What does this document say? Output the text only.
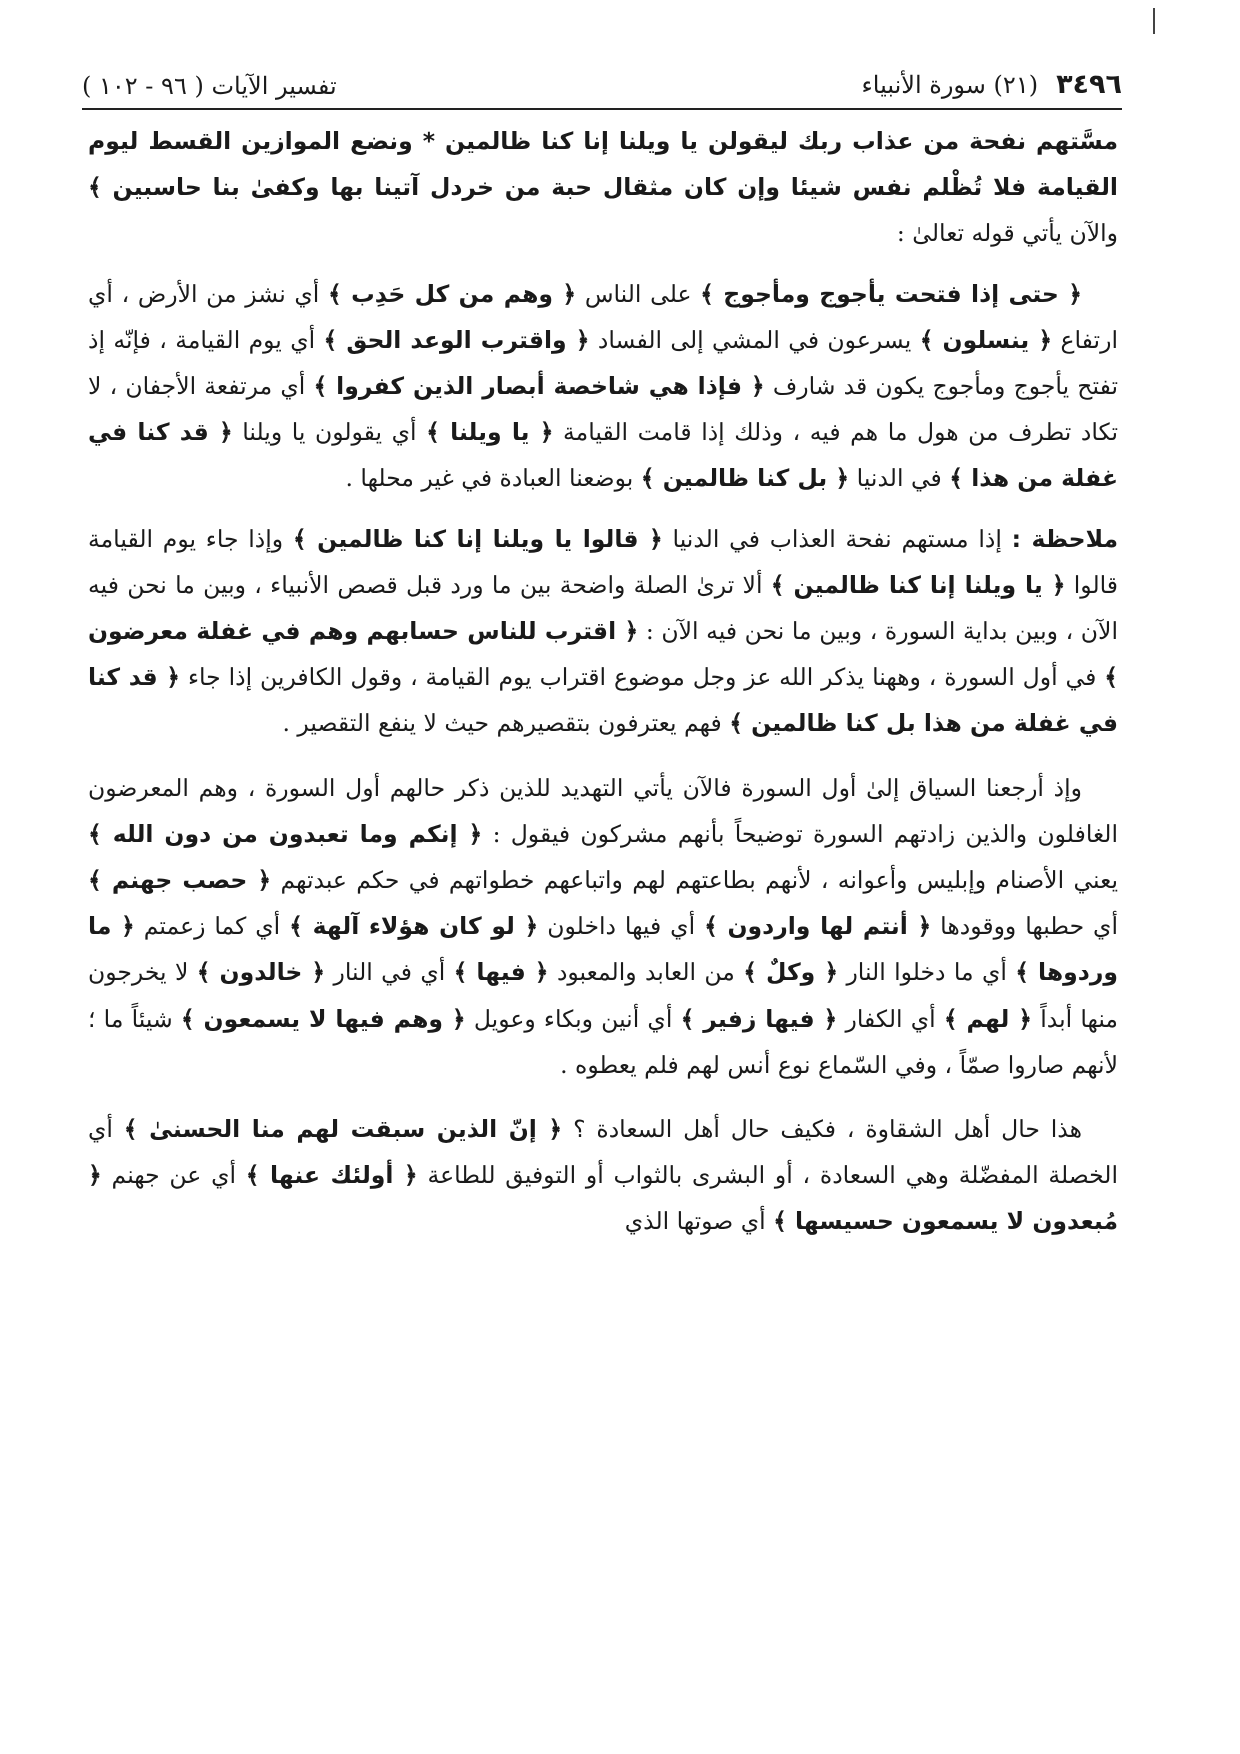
٣٤٩٦
(٢١) سورة الأنبياء
تفسير الآيات ( ٩٦ - ١٠٢ )

مسَّتهم نفحة من عذاب ربك ليقولن يا ويلنا إنا كنا ظالمين * ونضع الموازين القسط ليوم القيامة فلا تُظْلم نفس شيئا وإن كان مثقال حبة من خردل آتينا بها وكفىٰ بنا حاسبين ﴾والآن يأتي قوله تعالىٰ :

﴿ حتى إذا فتحت يأجوج ومأجوج ﴾ على الناس ﴿ وهم من كل حَدِب ﴾ أي نشز من الأرض ، أي ارتفاع ﴿ ينسلون ﴾ يسرعون في المشي إلى الفساد ﴿ واقترب الوعد الحق ﴾ أي يوم القيامة ، فإنّه إذ تفتح يأجوج ومأجوج يكون قد شارف ﴿ فإذا هي شاخصة أبصار الذين كفروا ﴾ أي مرتفعة الأجفان ، لا تكاد تطرف من هول ما هم فيه ، وذلك إذا قامت القيامة ﴿ يا ويلنا ﴾ أي يقولون يا ويلنا ﴿ قد كنا في غفلة من هذا ﴾ في الدنيا ﴿ بل كنا ظالمين ﴾ بوضعنا العبادة في غير محلها .

ملاحظة : إذا مستهم نفحة العذاب في الدنيا ﴿ قالوا يا ويلنا إنا كنا ظالمين ﴾ وإذا جاء يوم القيامة قالوا ﴿ يا ويلنا إنا كنا ظالمين ﴾ ألا ترىٰ الصلة واضحة بين ما ورد قبل قصص الأنبياء ، وبين ما نحن فيه الآن ، وبين بداية السورة ، وبين ما نحن فيه الآن : ﴿ اقترب للناس حسابهم وهم في غفلة معرضون ﴾ في أول السورة ، وههنا يذكر الله عز وجل موضوع اقتراب يوم القيامة ، وقول الكافرين إذا جاء ﴿ قد كنا في غفلة من هذا بل كنا ظالمين ﴾ فهم يعترفون بتقصيرهم حيث لا ينفع التقصير .

وإذ أرجعنا السياق إلىٰ أول السورة فالآن يأتي التهديد للذين ذكر حالهم أول السورة ، وهم المعرضون الغافلون والذين زادتهم السورة توضيحاً بأنهم مشركون فيقول : ﴿ إنكم وما تعبدون من دون الله ﴾ يعني الأصنام وإبليس وأعوانه ، لأنهم بطاعتهم لهم واتباعهم خطواتهم في حكم عبدتهم ﴿ حصب جهنم ﴾ أي حطبها ووقودها ﴿ أنتم لها واردون ﴾ أي فيها داخلون ﴿ لو كان هؤلاء آلهة ﴾ أي كما زعمتم ﴿ ما وردوها ﴾ أي ما دخلوا النار ﴿ وكلٌ ﴾ من العابد والمعبود ﴿ فيها ﴾ أي في النار ﴿ خالدون ﴾ لا يخرجون منها أبداً ﴿ لهم ﴾ أي الكفار ﴿ فيها زفير ﴾ أي أنين وبكاء وعويل ﴿ وهم فيها لا يسمعون ﴾ شيئاً ما ؛ لأنهم صاروا صمّاً ، وفي السّماع نوع أنس لهم فلم يعطوه .

هذا حال أهل الشقاوة ، فكيف حال أهل السعادة ؟ ﴿ إنّ الذين سبقت لهم منا الحسنىٰ ﴾ أي الخصلة المفضّلة وهي السعادة ، أو البشرى بالثواب أو التوفيق للطاعة ﴿ أولئك عنها ﴾ أي عن جهنم ﴿ مُبعدون لا يسمعون حسيسها ﴾ أي صوتها الذي
